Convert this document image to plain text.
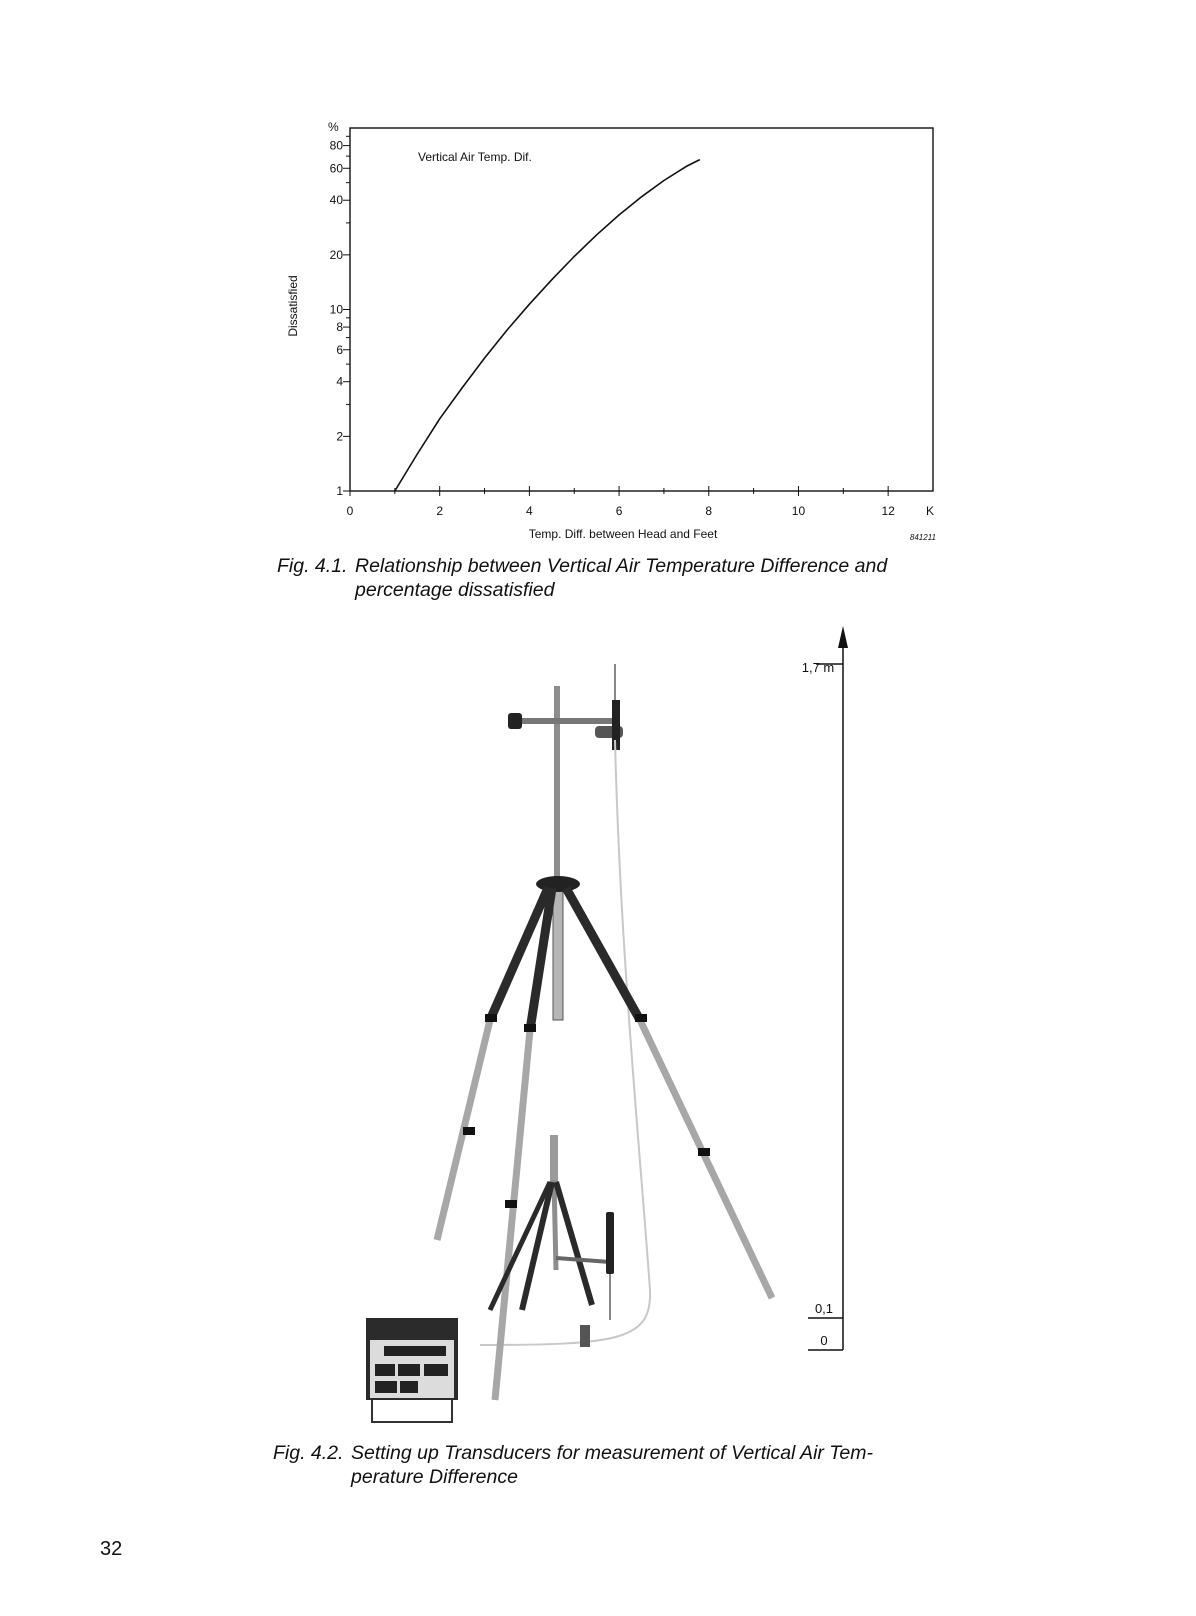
0	2	4	6	8	10	12
1
2
4
6
8
10
20
40
60
80
%
K
Dissatisfied
Temp. Diff. between Head and Feet
Vertical Air Temp. Dif.
841211
Fig. 4.1. Relationship between Vertical Air Temperature Difference and
percentage dissatisfied
1,7 m
0,1
0
Fig. 4.2. Setting up Transducers for measurement of Vertical Air Tem-
perature Difference
32
